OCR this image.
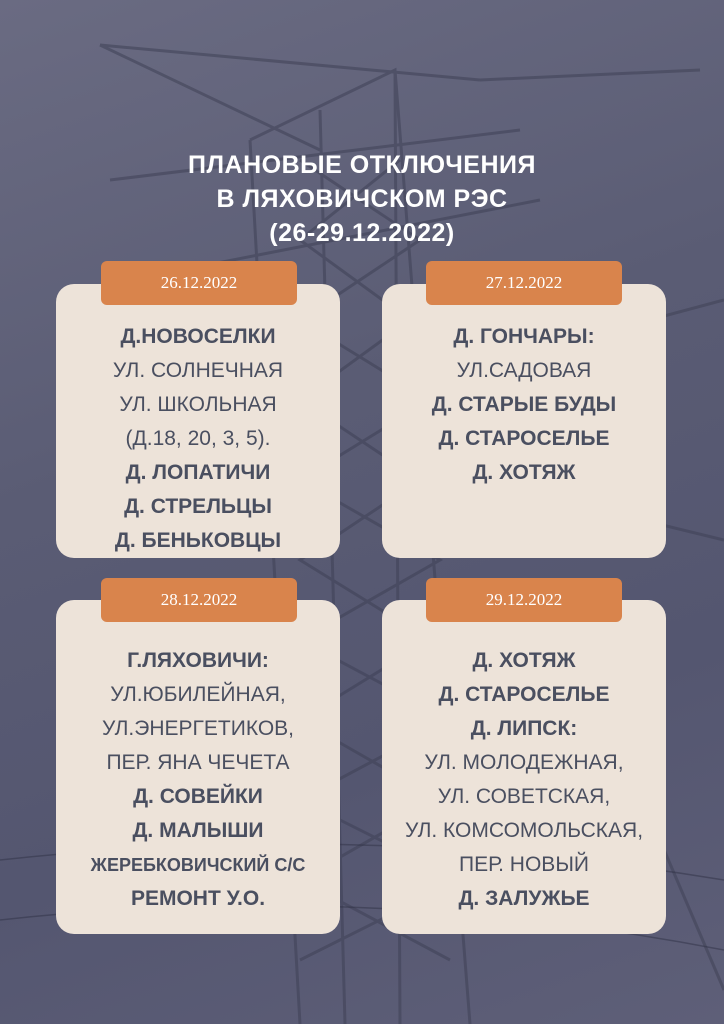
ПЛАНОВЫЕ ОТКЛЮЧЕНИЯ
В ЛЯХОВИЧСКОМ РЭС
(26-29.12.2022)
Д.НОВОСЕЛКИ
УЛ. СОЛНЕЧНАЯ
УЛ. ШКОЛЬНАЯ
(Д.18, 20, 3, 5).
Д. ЛОПАТИЧИ
Д. СТРЕЛЬЦЫ
Д. БЕНЬКОВЦЫ
26.12.2022
Д. ГОНЧАРЫ:
УЛ.САДОВАЯ
Д. СТАРЫЕ БУДЫ
Д. СТАРОСЕЛЬЕ
Д. ХОТЯЖ
27.12.2022
Г.ЛЯХОВИЧИ:
УЛ.ЮБИЛЕЙНАЯ,
УЛ.ЭНЕРГЕТИКОВ,
ПЕР. ЯНА ЧЕЧЕТА
Д. СОВЕЙКИ
Д. МАЛЫШИ
ЖЕРЕБКОВИЧСКИЙ С/С
РЕМОНТ У.О.
28.12.2022
Д. ХОТЯЖ
Д. СТАРОСЕЛЬЕ
Д. ЛИПСК:
УЛ. МОЛОДЕЖНАЯ,
УЛ. СОВЕТСКАЯ,
УЛ. КОМСОМОЛЬСКАЯ,
ПЕР. НОВЫЙ
Д. ЗАЛУЖЬЕ
29.12.2022
